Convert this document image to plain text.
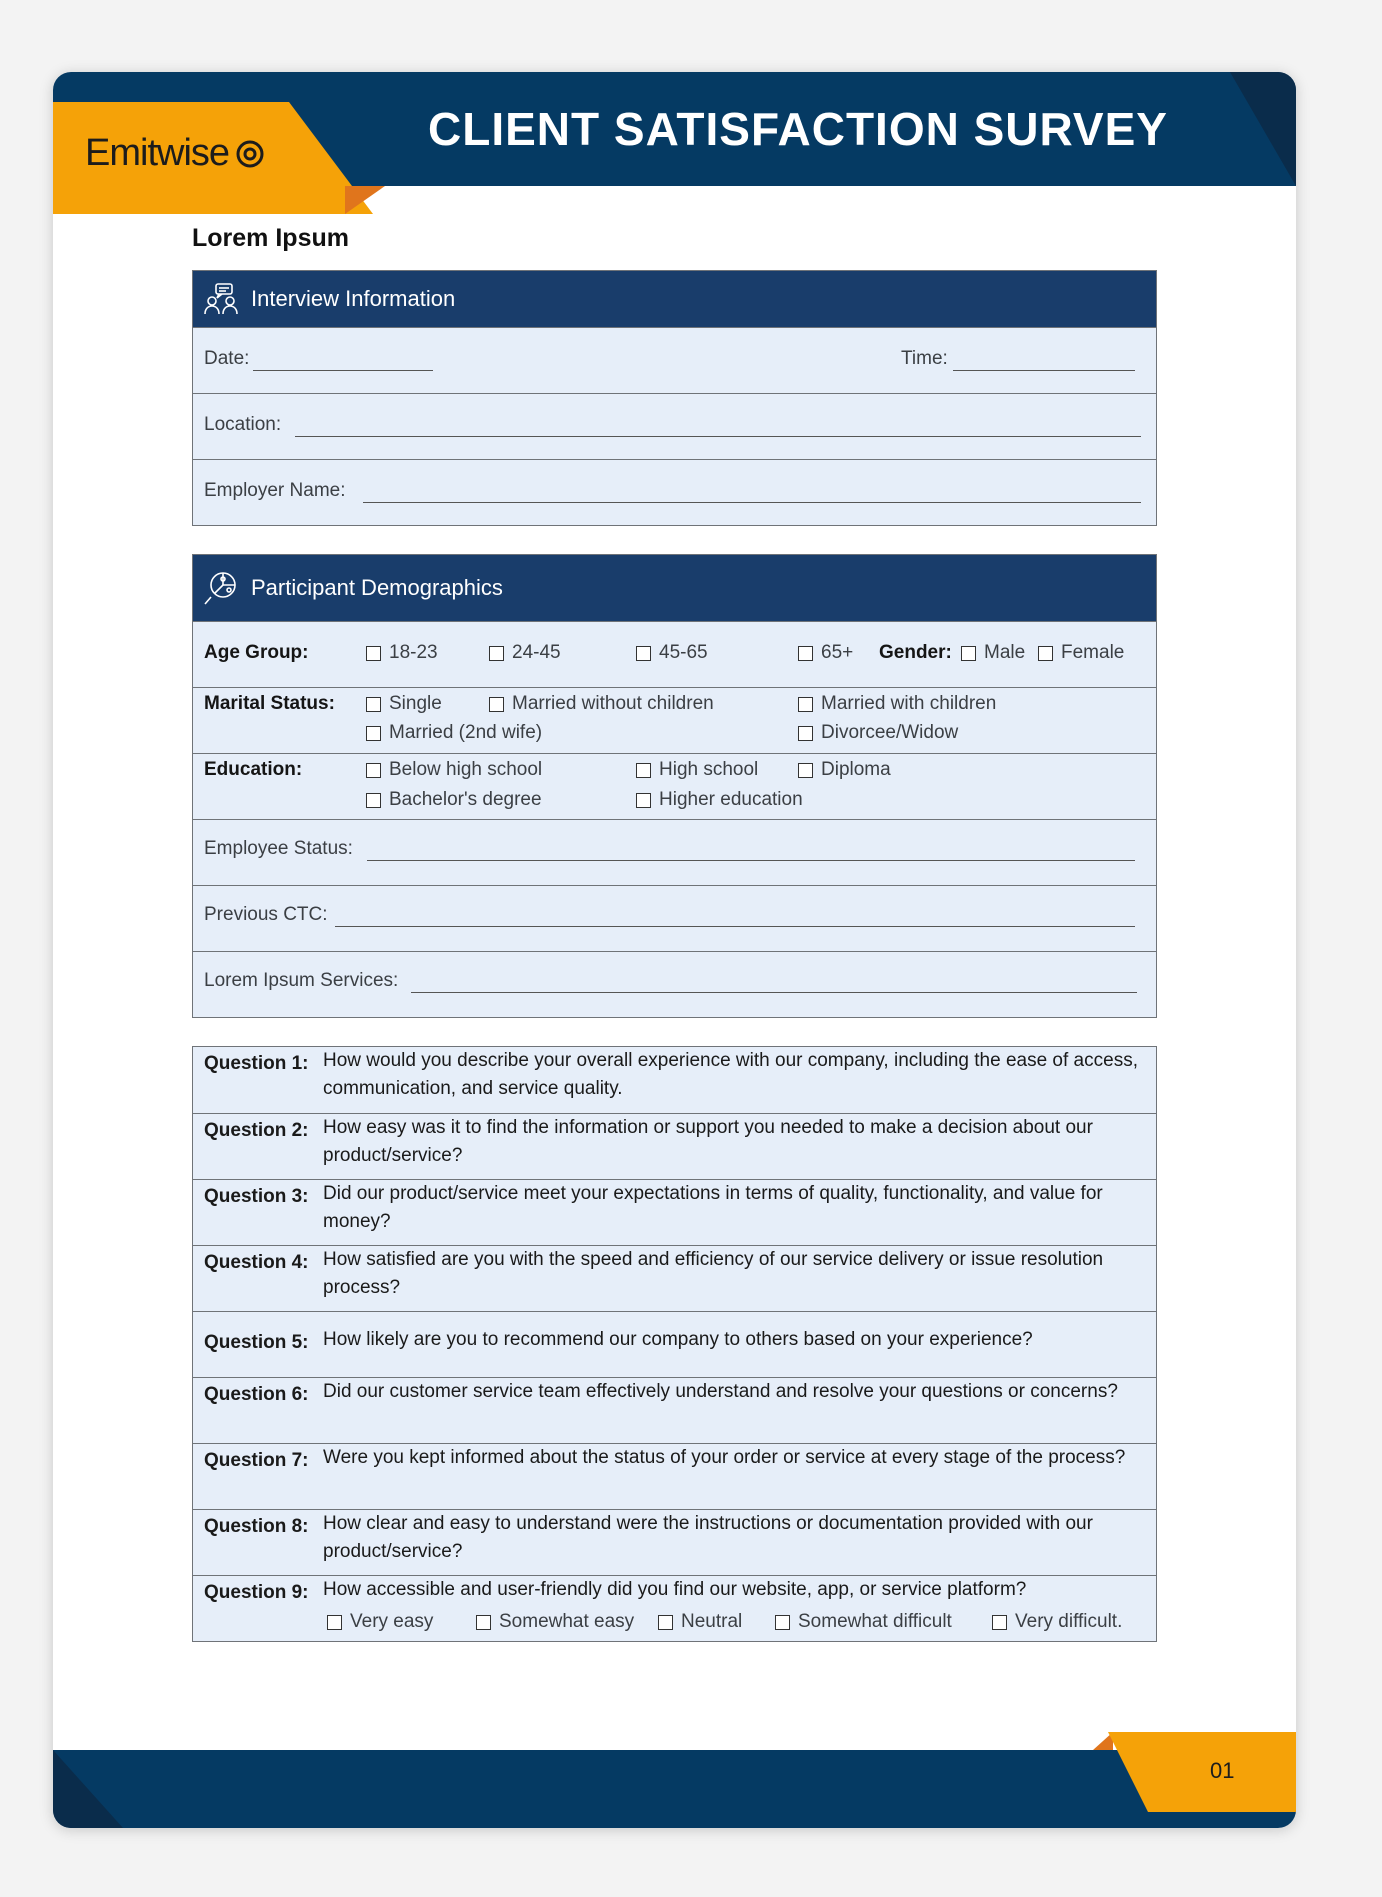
Emitwise	CLIENT SATISFACTION SURVEY
Lorem Ipsum
Interview Information
Date:	Time:
Location:
Employer Name:
Participant Demographics
Age Group:	18-23	24-45	45-65	65+ Gender: Male Female
Marital Status:	Single	Married without children	Married with children
Married (2nd wife)	Divorcee/Widow
Education:	Below high school	High school	Diploma
Bachelor's degree	Higher education
Employee Status:
Previous CTC:
Lorem Ipsum Services:
Question 1: How would you describe your overall experience with our company, including the ease of access, communication, and service quality.
Question 2: How easy was it to find the information or support you needed to make a decision about our product/service?
Question 3: Did our product/service meet your expectations in terms of quality, functionality, and value for money?
Question 4: How satisfied are you with the speed and efficiency of our service delivery or issue resolution process?
Question 5: How likely are you to recommend our company to others based on your experience?
Question 6: Did our customer service team effectively understand and resolve your questions or concerns?
Question 7: Were you kept informed about the status of your order or service at every stage of the process?
Question 8: How clear and easy to understand were the instructions or documentation provided with our product/service?
Question 9: How accessible and user-friendly did you find our website, app, or service platform?
Very easy	Somewhat easy Neutral	Somewhat difficult	Very difficult.
01
